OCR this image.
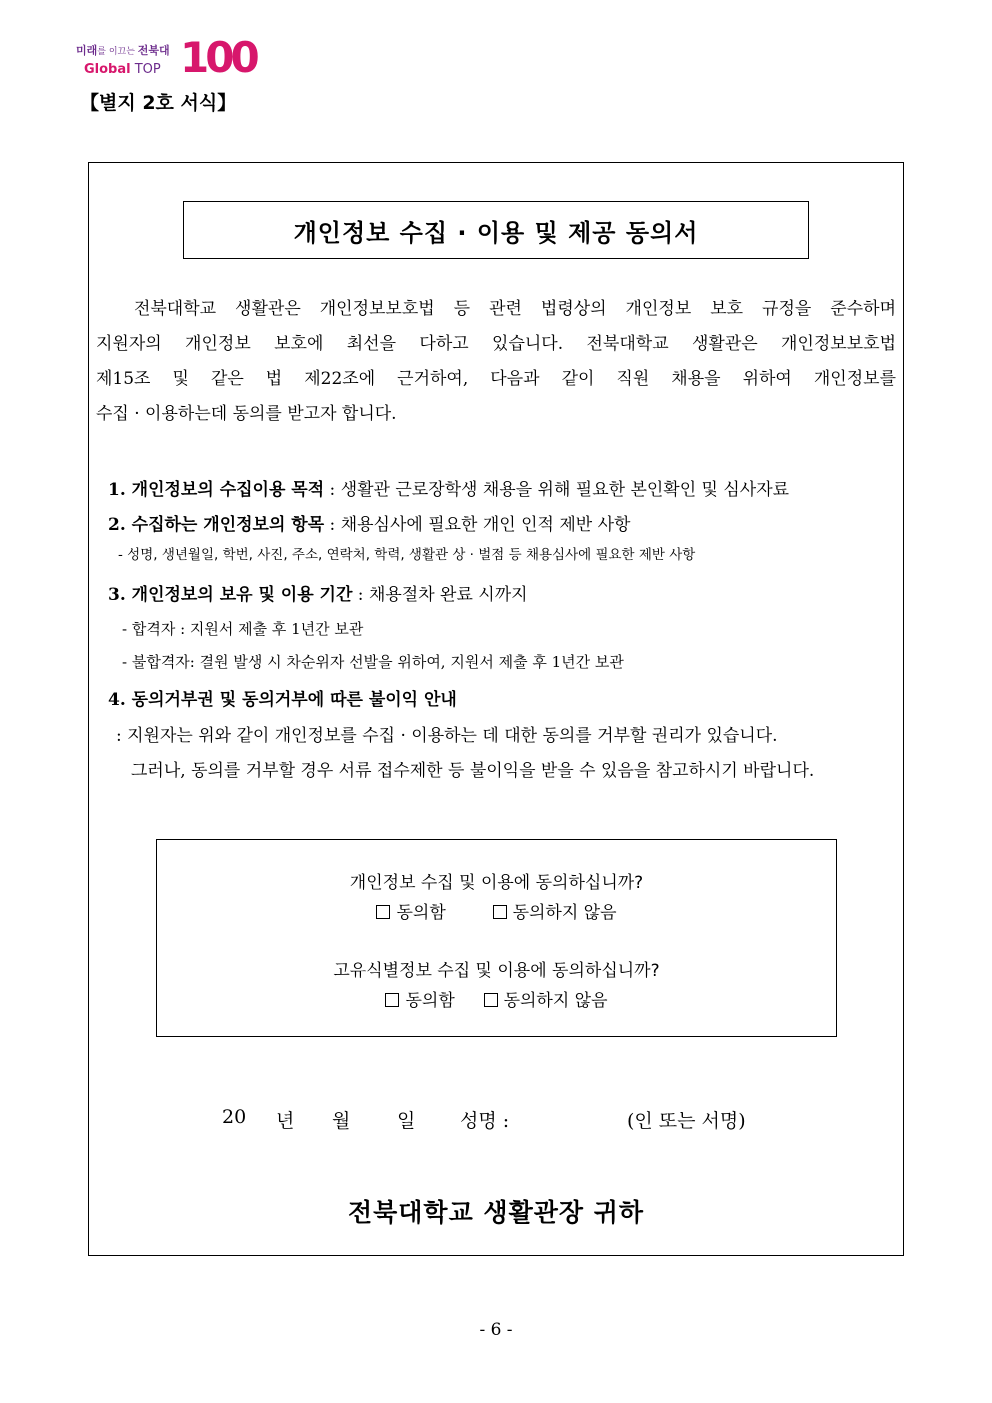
미래를 이끄는 전북대
Global TOP 100
【별지 2호 서식】
개인정보 수집 · 이용 및 제공 동의서
전북대학교 생활관은 개인정보보호법 등 관련 법령상의 개인정보 보호 규정을 준수하며
지원자의 개인정보 보호에 최선을 다하고 있습니다. 전북대학교 생활관은 개인정보보호법
제15조 및 같은 법 제22조에 근거하여, 다음과 같이 직원 채용을 위하여 개인정보를
수집 · 이용하는데 동의를 받고자 합니다.
1. 개인정보의 수집이용 목적 : 생활관 근로장학생 채용을 위해 필요한 본인확인 및 심사자료
2. 수집하는 개인정보의 항목 : 채용심사에 필요한 개인 인적 제반 사항
- 성명, 생년월일, 학번, 사진, 주소, 연락처, 학력, 생활관 상 · 벌점 등 채용심사에 필요한 제반 사항
3. 개인정보의 보유 및 이용 기간 : 채용절차 완료 시까지
- 합격자 : 지원서 제출 후 1년간 보관
- 불합격자: 결원 발생 시 차순위자 선발을 위하여, 지원서 제출 후 1년간 보관
4. 동의거부권 및 동의거부에 따른 불이익 안내
: 지원자는 위와 같이 개인정보를 수집 · 이용하는 데 대한 동의를 거부할 권리가 있습니다.
그러나, 동의를 거부할 경우 서류 접수제한 등 불이익을 받을 수 있음을 참고하시기 바랍니다.
개인정보 수집 및 이용에 동의하십니까?
동의함	동의하지 않음
고유식별정보 수집 및 이용에 동의하십니까?
동의함	동의하지 않음
20 년 월 일 성명 :	(인 또는 서명)
전북대학교 생활관장 귀하
- 6 -
